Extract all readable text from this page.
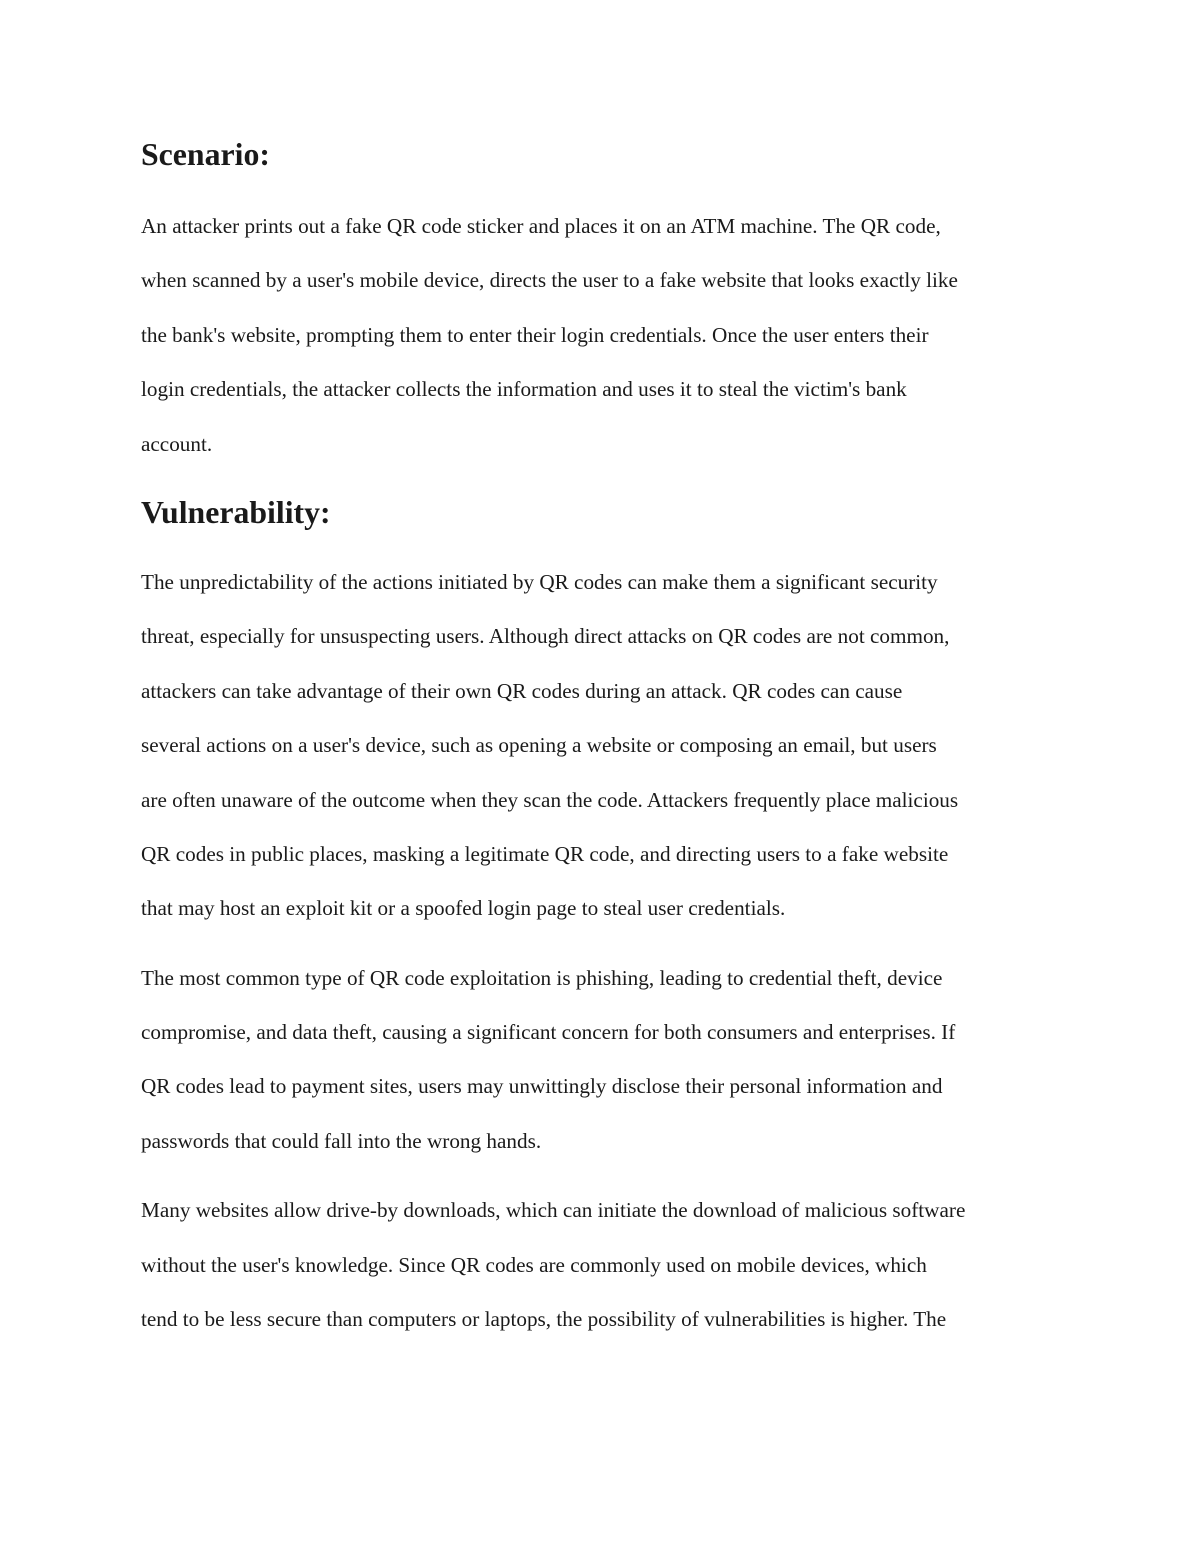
Scenario:

An attacker prints out a fake QR code sticker and places it on an ATM machine. The QR code,
when scanned by a user's mobile device, directs the user to a fake website that looks exactly like
the bank's website, prompting them to enter their login credentials. Once the user enters their
login credentials, the attacker collects the information and uses it to steal the victim's bank
account.

Vulnerability:

The unpredictability of the actions initiated by QR codes can make them a significant security
threat, especially for unsuspecting users. Although direct attacks on QR codes are not common,
attackers can take advantage of their own QR codes during an attack. QR codes can cause
several actions on a user's device, such as opening a website or composing an email, but users
are often unaware of the outcome when they scan the code. Attackers frequently place malicious
QR codes in public places, masking a legitimate QR code, and directing users to a fake website
that may host an exploit kit or a spoofed login page to steal user credentials.

The most common type of QR code exploitation is phishing, leading to credential theft, device
compromise, and data theft, causing a significant concern for both consumers and enterprises. If
QR codes lead to payment sites, users may unwittingly disclose their personal information and
passwords that could fall into the wrong hands.

Many websites allow drive-by downloads, which can initiate the download of malicious software
without the user's knowledge. Since QR codes are commonly used on mobile devices, which
tend to be less secure than computers or laptops, the possibility of vulnerabilities is higher. The
